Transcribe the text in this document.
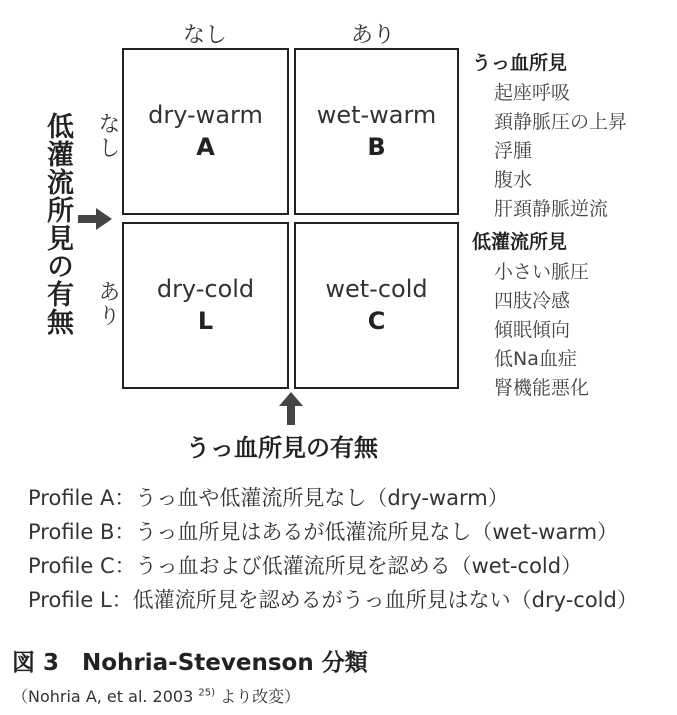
なし	あり
なし
あり
低灌流所見の有無	dry-warm
A
wet-warm
B
dry-cold
L
wet-cold
C
うっ血所見の有無
うっ血所見
起座呼吸
頚静脈圧の上昇
浮腫
腹水
肝頚静脈逆流
低灌流所見
小さい脈圧
四肢冷感
傾眠傾向
低Na血症
腎機能悪化
Profile A：うっ血や低灌流所見なし（dry-warm）
Profile B：うっ血所見はあるが低灌流所見なし（wet-warm）
Profile C：うっ血および低灌流所見を認める（wet-cold）
Profile L：低灌流所見を認めるがうっ血所見はない（dry-cold）
図 3　Nohria-Stevenson 分類
（Nohria A, et al. 2003 $^{25)}$ より改変）
